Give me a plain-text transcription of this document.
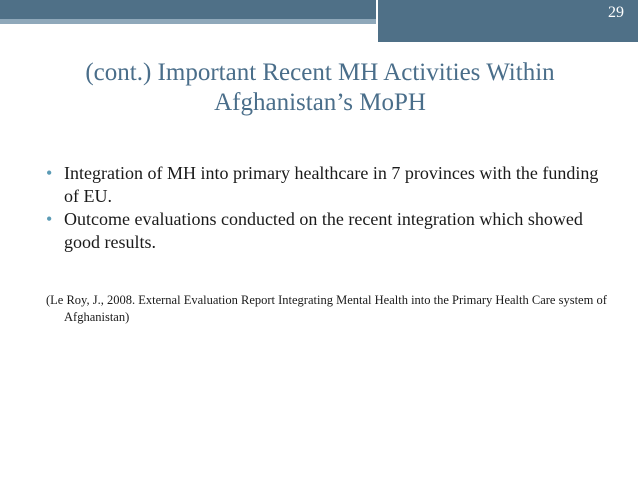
29
(cont.) Important Recent MH Activities Within Afghanistan’s MoPH
• Integration of MH into primary healthcare in 7 provinces with the funding of EU.
• Outcome evaluations conducted on the recent integration which showed good results.
(Le Roy, J., 2008. External Evaluation Report Integrating Mental Health into the Primary Health Care system of Afghanistan)
